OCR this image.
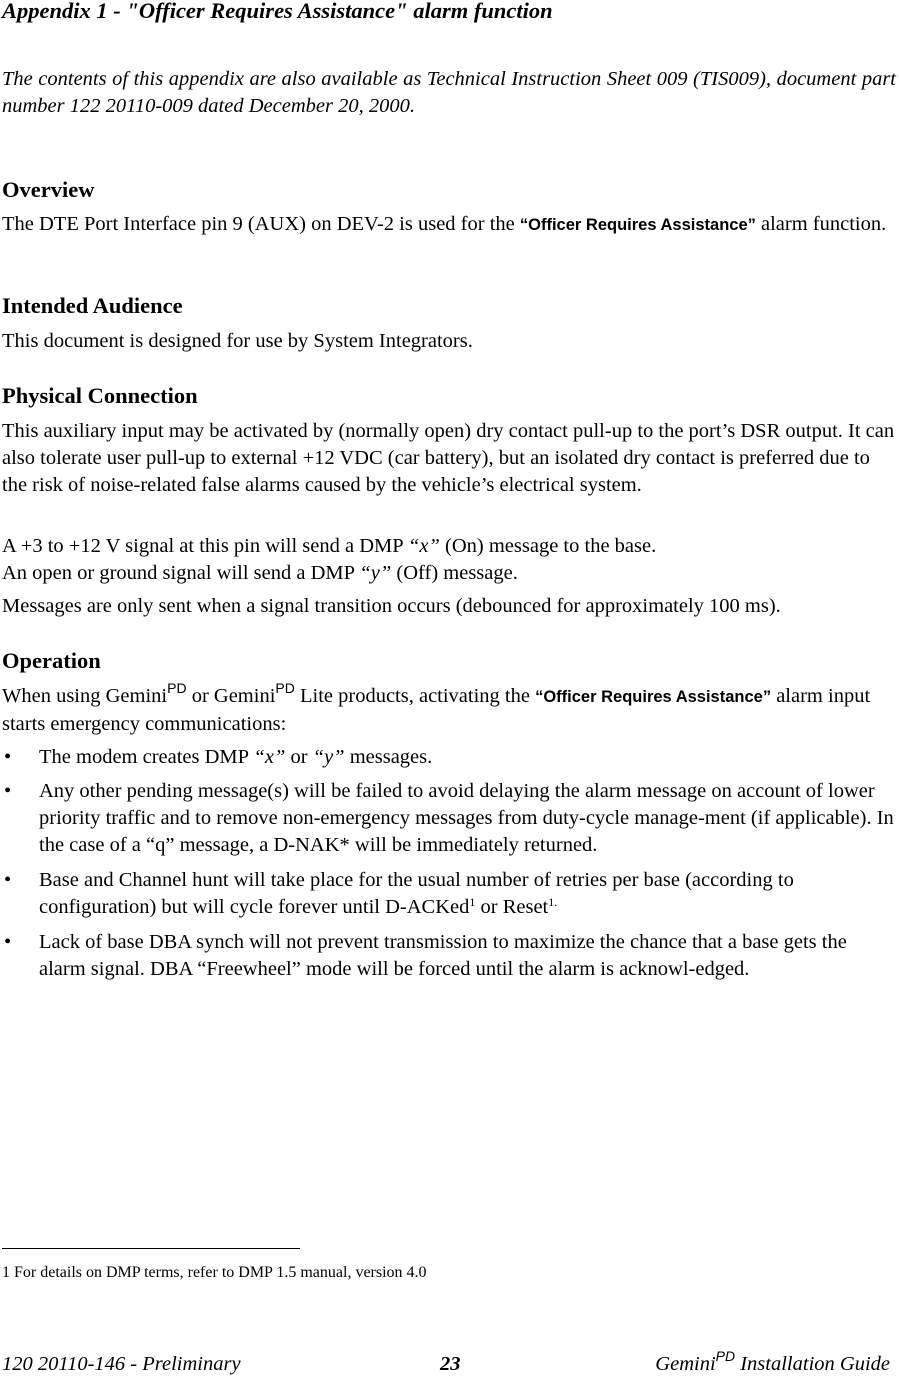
Appendix 1 - "Officer Requires Assistance" alarm function

The contents of this appendix are also available as Technical Instruction Sheet 009 (TIS009), document part number 122 20110-009 dated December 20, 2000.

Overview

The DTE Port Interface pin 9 (AUX) on DEV-2 is used for the “Officer Requires Assistance” alarm function.

Intended Audience

This document is designed for use by System Integrators.

Physical Connection

This auxiliary input may be activated by (normally open) dry contact pull-up to the port’s DSR output. It can also tolerate user pull-up to external +12 VDC (car battery), but an isolated dry contact is preferred due to the risk of noise-related false alarms caused by the vehicle’s electrical system.

A +3 to +12 V signal at this pin will send a DMP “x” (On) message to the base.

An open or ground signal will send a DMP “y” (Off) message.

Messages are only sent when a signal transition occurs (debounced for approximately 100 ms).

Operation

When using Gemini$^{PD}$ or Gemini$^{PD}$ Lite products, activating the “Officer Requires Assistance” alarm input starts emergency communications:

• The modem creates DMP “x” or “y” messages.
• Any other pending message(s) will be failed to avoid delaying the alarm message on account of lower priority traffic and to remove non-emergency messages from duty-cycle manage-ment (if applicable). In the case of a “q” message, a D-NAK* will be immediately returned.
• Base and Channel hunt will take place for the usual number of retries per base (according to configuration) but will cycle forever until D-ACKed$^1$ or Reset$^{1.}$
• Lack of base DBA synch will not prevent transmission to maximize the chance that a base gets the alarm signal. DBA “Freewheel” mode will be forced until the alarm is acknowl-edged.
1 For details on DMP terms, refer to DMP 1.5 manual, version 4.0
120 20110-146 - Preliminary	23	Gemini$^{PD}$ Installation Guide
